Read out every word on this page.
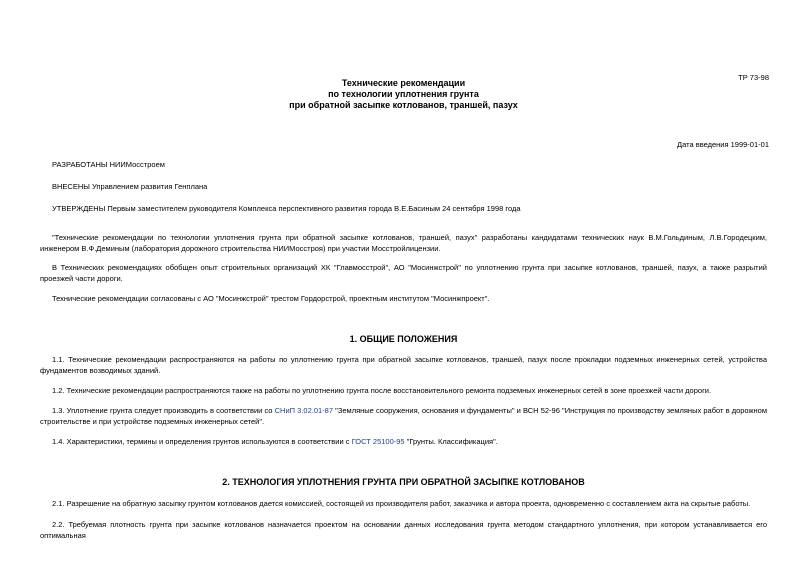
ТР 73-98
Технические рекомендации
по технологии уплотнения грунта
при обратной засыпке котлованов, траншей, пазух
Дата введения 1999-01-01
РАЗРАБОТАНЫ НИИМосстроем
ВНЕСЕНЫ Управлением развития Генплана
УТВЕРЖДЕНЫ Первым заместителем руководителя Комплекса перспективного развития города В.Е.Басиным 24 сентября 1998 года
"Технические рекомендации по технологии уплотнения грунта при обратной засыпке котлованов, траншей, пазух" разработаны кандидатами технических наук В.М.Гольдиным, Л.В.Городецким, инженером В.Ф.Деминым (лаборатория дорожного строительства НИИМосстроя) при участии Мосстройлицензии.
В Технических рекомендациях обобщен опыт строительных организаций ХК "Главмосстрой", АО "Мосинжстрой" по уплотнению грунта при засыпке котлованов, траншей, пазух, а также разрытий проезжей части дороги.
Технические рекомендации согласованы с АО "Мосинжстрой" трестом Гордорстрой, проектным институтом "Мосинжпроект".
1. ОБЩИЕ ПОЛОЖЕНИЯ
1.1. Технические рекомендации распространяются на работы по уплотнению грунта при обратной засыпке котлованов, траншей, пазух после прокладки подземных инженерных сетей, устройства фундаментов возводимых зданий.
1.2. Технические рекомендации распространяются также на работы по уплотнению грунта после восстановительного ремонта подземных инженерных сетей в зоне проезжей части дороги.
1.3. Уплотнение грунта следует производить в соответствии со СНиП 3.02.01-87 "Земляные сооружения, основания и фундаменты" и ВСН 52-96 "Инструкция по производству земляных работ в дорожном строительстве и при устройстве подземных инженерных сетей".
1.4. Характеристики, термины и определения грунтов используются в соответствии с ГОСТ 25100-95 "Грунты. Классификация".
2. ТЕХНОЛОГИЯ УПЛОТНЕНИЯ ГРУНТА ПРИ ОБРАТНОЙ ЗАСЫПКЕ КОТЛОВАНОВ
2.1. Разрешение на обратную засыпку грунтом котлованов дается комиссией, состоящей из производителя работ, заказчика и автора проекта, одновременно с составлением акта на скрытые работы.
2.2. Требуемая плотность грунта при засыпке котлованов назначается проектом на основании данных исследования грунта методом стандартного уплотнения, при котором устанавливается его оптимальная
